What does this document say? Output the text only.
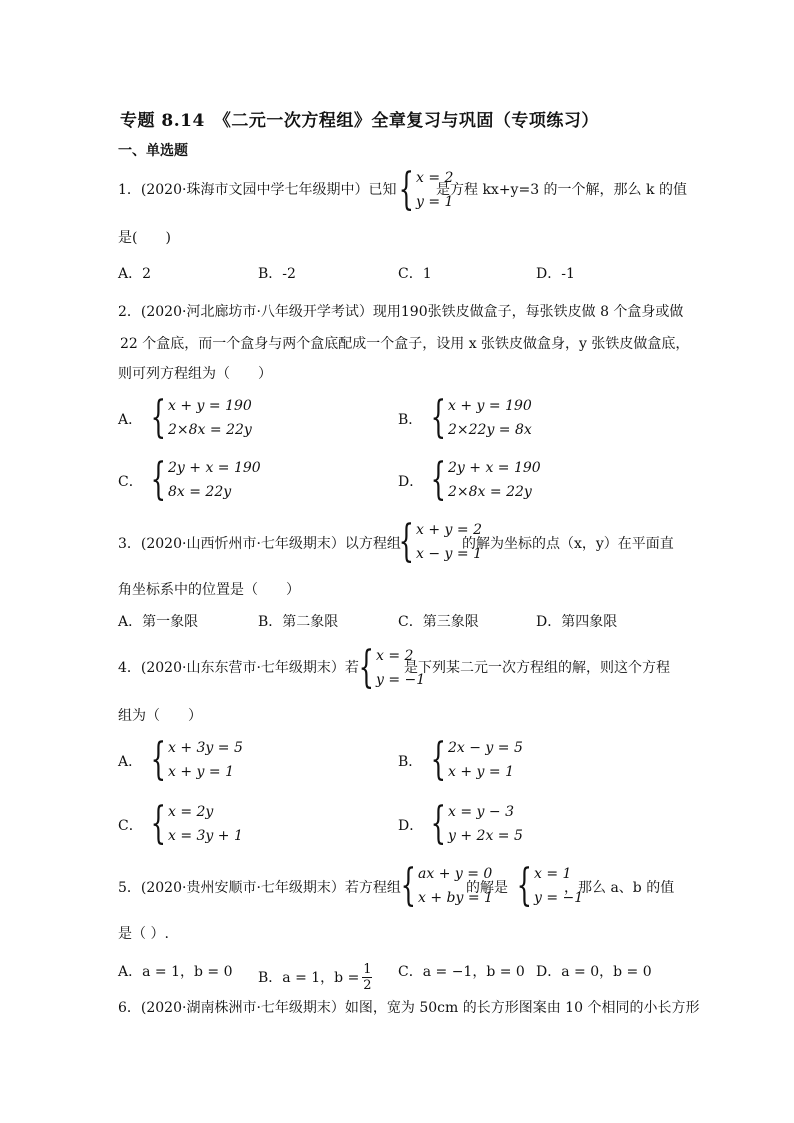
专题 8.14　《二元一次方程组》全章复习与巩固（专项练习）
一、单选题
1．(2020·珠海市文园中学七年级期中）已知 { x = 2
y = 1
是方程 kx+y=3 的一个解，那么 k 的值
是(　　)
A．2	B．-2	C．1	D．-1
2．(2020·河北廊坊市·八年级开学考试）现用190张铁皮做盒子，每张铁皮做 8 个盒身或做
22 个盒底，而一个盒身与两个盒底配成一个盒子，设用 x 张铁皮做盒身，y 张铁皮做盒底，
则可列方程组为（　　）
A． { x + y = 190
2×8x = 22y
B． { x + y = 190
2×22y = 8x
C． { 2y + x = 190
8x = 22y
D． { 2y + x = 190
2×8x = 22y
3．(2020·山西忻州市·七年级期末）以方程组
{ x + y = 2
x − y = 1
的解为坐标的点（x，y）在平面直
角坐标系中的位置是（　　）
A．第一象限	B．第二象限	C．第三象限	D．第四象限
4．(2020·山东东营市·七年级期末）若 { x = 2
y = −1
是下列某二元一次方程组的解，则这个方程
组为（　　）
A． { x + 3y = 5
x + y = 1
B． { 2x − y = 5
x + y = 1
C． { x = 2y
x = 3y + 1
D． { x = y − 3
y + 2x = 5
5．(2020·贵州安顺市·七年级期末）若方程组 { ax + y = 0
x + by = 1
的解是 { x = 1
y = −1
，那么 a、b 的值
是（ ）.
A．a = 1，b = 0 B．a = 1，$b = \frac{1}{2}$ C．a = −1，b = 0 D．a = 0，b = 0
6．(2020·湖南株洲市·七年级期末）如图，宽为 50cm 的长方形图案由 10 个相同的小长方形
